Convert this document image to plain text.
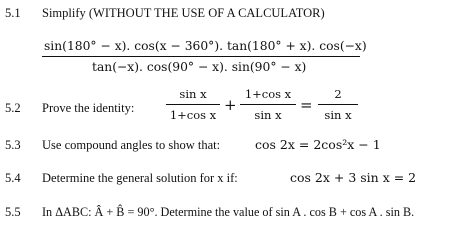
5.1 Simplify (WITHOUT THE USE OF A CALCULATOR)
sin(180° − x). cos(x − 360°). tan(180° + x). cos(−x)
tan(−x). cos(90° − x). sin(90° − x)
5.2 Prove the identity:
sin x
1+cos x
+
1+cos x
sin x
=
2
sin x
5.3 Use compound angles to show that:	cos 2x = 2cos²x − 1
5.4 Determine the general solution for x if:	cos 2x + 3 sin x = 2
5.5 In ΔABC: Â + B̂ = 90°. Determine the value of sin A . cos B + cos A . sin B.
